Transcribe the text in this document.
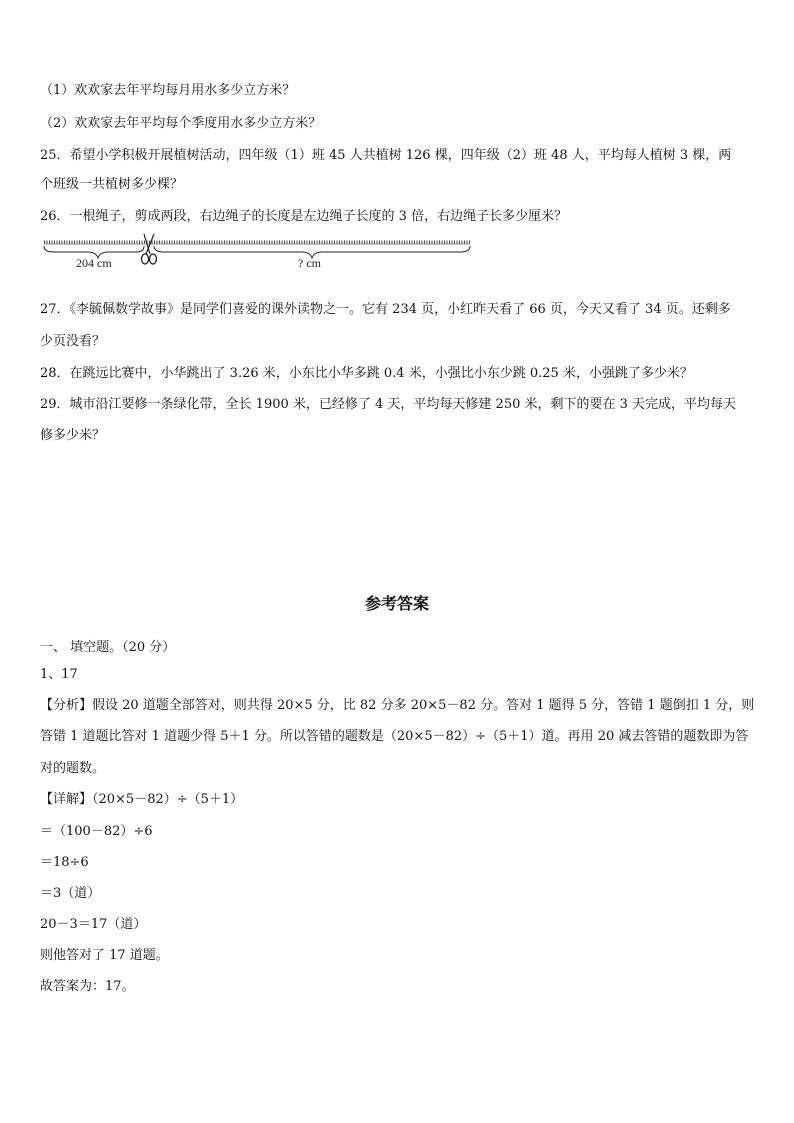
（1）欢欢家去年平均每月用水多少立方米？
（2）欢欢家去年平均每个季度用水多少立方米？
25．希望小学积极开展植树活动，四年级（1）班 45 人共植树 126 棵，四年级（2）班 48 人，平均每人植树 3 棵，两
个班级一共植树多少棵？
26．一根绳子，剪成两段，右边绳子的长度是左边绳子长度的 3 倍，右边绳子长多少厘米？
204 cm	? cm
27．《李毓佩数学故事》是同学们喜爱的课外读物之一。它有 234 页，小红昨天看了 66 页，今天又看了 34 页。还剩多
少页没看？
28．在跳远比赛中，小华跳出了 3.26 米，小东比小华多跳 0.4 米，小强比小东少跳 0.25 米，小强跳了多少米？
29．城市沿江要修一条绿化带，全长 1900 米，已经修了 4 天，平均每天修建 250 米，剩下的要在 3 天完成，平均每天
修多少米？
参考答案
一、 填空题。（20 分）
1、17
【分析】假设 20 道题全部答对，则共得 20×5 分，比 82 分多 20×5－82 分。答对 1 题得 5 分，答错 1 题倒扣 1 分，则
答错 1 道题比答对 1 道题少得 5＋1 分。所以答错的题数是（20×5－82）÷（5＋1）道。再用 20 减去答错的题数即为答
对的题数。
【详解】（20×5－82）÷（5＋1）
＝（100－82）÷6
＝18÷6
＝3（道）
20－3＝17（道）
则他答对了 17 道题。
故答案为：17。
